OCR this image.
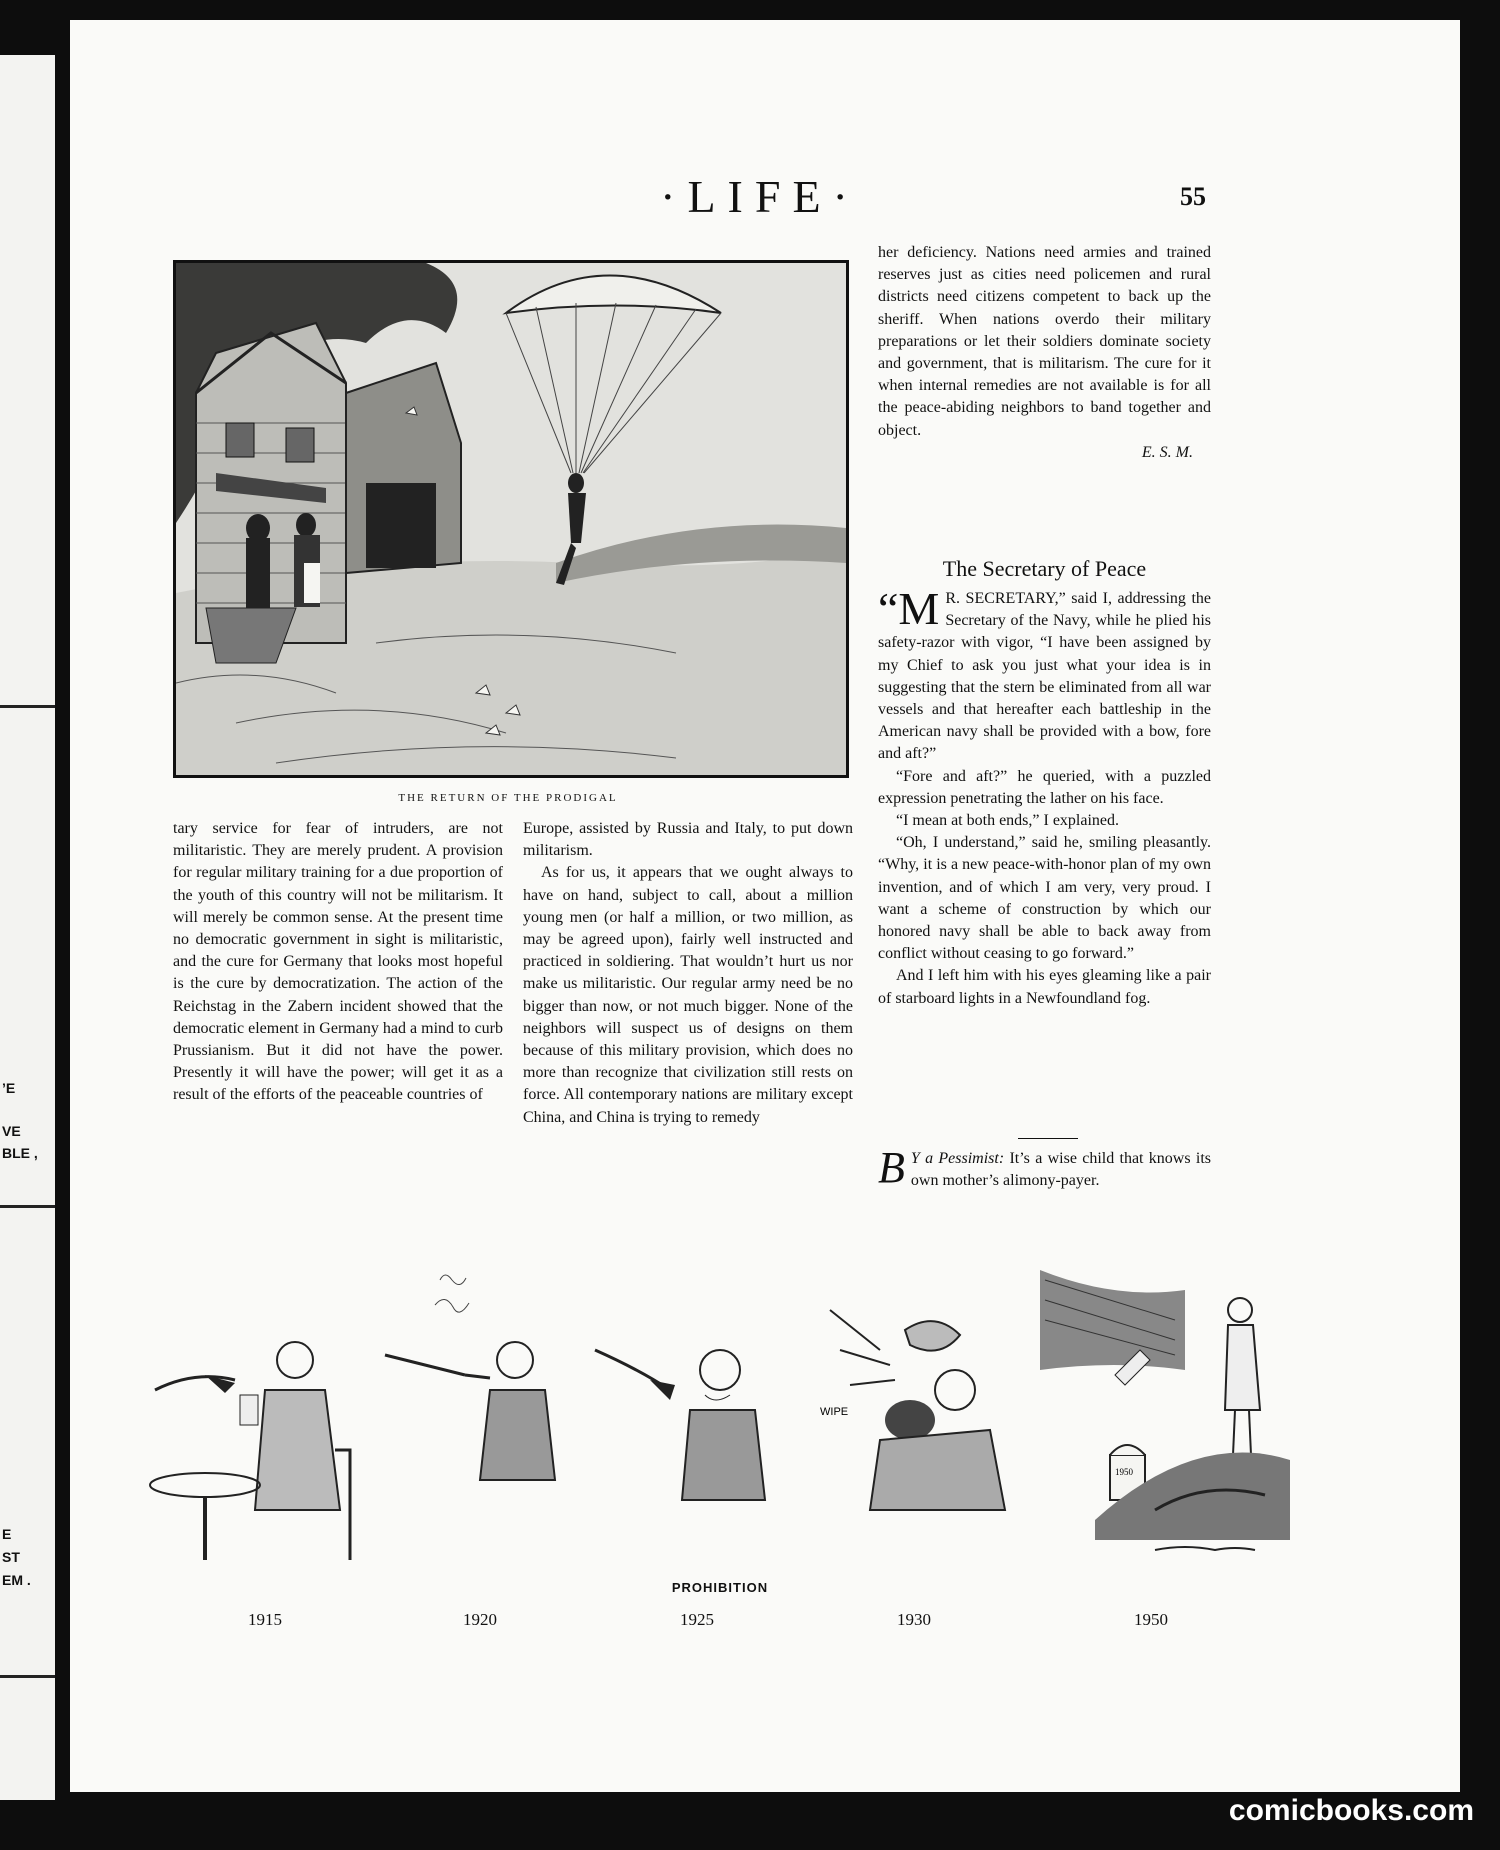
’E
VE
BLE ,
E
ST
EM .
·LIFE·	55
THE RETURN OF THE PRODIGAL

tary service for fear of intruders, are not militaristic. They are merely prudent. A provision for regular military training for a due proportion of the youth of this country will not be militarism. It will merely be common sense. At the present time no democratic government in sight is militaristic, and the cure for Germany that looks most hopeful is the cure by democratization. The action of the Reichstag in the Zabern incident showed that the democratic element in Germany had a mind to curb Prussianism. But it did not have the power. Presently it will have the power; will get it as a result of the efforts of the peaceable countries of

Europe, assisted by Russia and Italy, to put down militarism.

As for us, it appears that we ought always to have on hand, subject to call, about a million young men (or half a million, or two million, as may be agreed upon), fairly well instructed and practiced in soldiering. That wouldn’t hurt us nor make us militaristic. Our regular army need be no bigger than now, or not much bigger. None of the neighbors will suspect us of designs on them because of this military provision, which does no more than recognize that civilization still rests on force. All contemporary nations are military except China, and China is trying to remedy

her deficiency. Nations need armies and trained reserves just as cities need policemen and rural districts need citizens competent to back up the sheriff. When nations overdo their military preparations or let their soldiers dominate society and government, that is militarism. The cure for it when internal remedies are not available is for all the peace-abiding neighbors to band together and object.

E. S. M.

The Secretary of Peace

“M R. SECRETARY,” said I, addressing the Secretary of the Navy, while he plied his safety-razor with vigor, “I have been assigned by my Chief to ask you just what your idea is in suggesting that the stern be eliminated from all war vessels and that hereafter each battleship in the American navy shall be provided with a bow, fore and aft?”

“Fore and aft?” he queried, with a puzzled expression penetrating the lather on his face.

“I mean at both ends,” I explained.

“Oh, I understand,” said he, smiling pleasantly. “Why, it is a new peace-with-honor plan of my own invention, and of which I am very, very proud. I want a scheme of construction by which our honored navy shall be able to back away from conflict without ceasing to go forward.”

And I left him with his eyes gleaming like a pair of starboard lights in a Newfoundland fog.

B Y a Pessimist: It’s a wise child that knows its own mother’s alimony-payer.
WIPE
1950
PROHIBITION
1915	1920	1925	1930	1950
comicbooks.com
